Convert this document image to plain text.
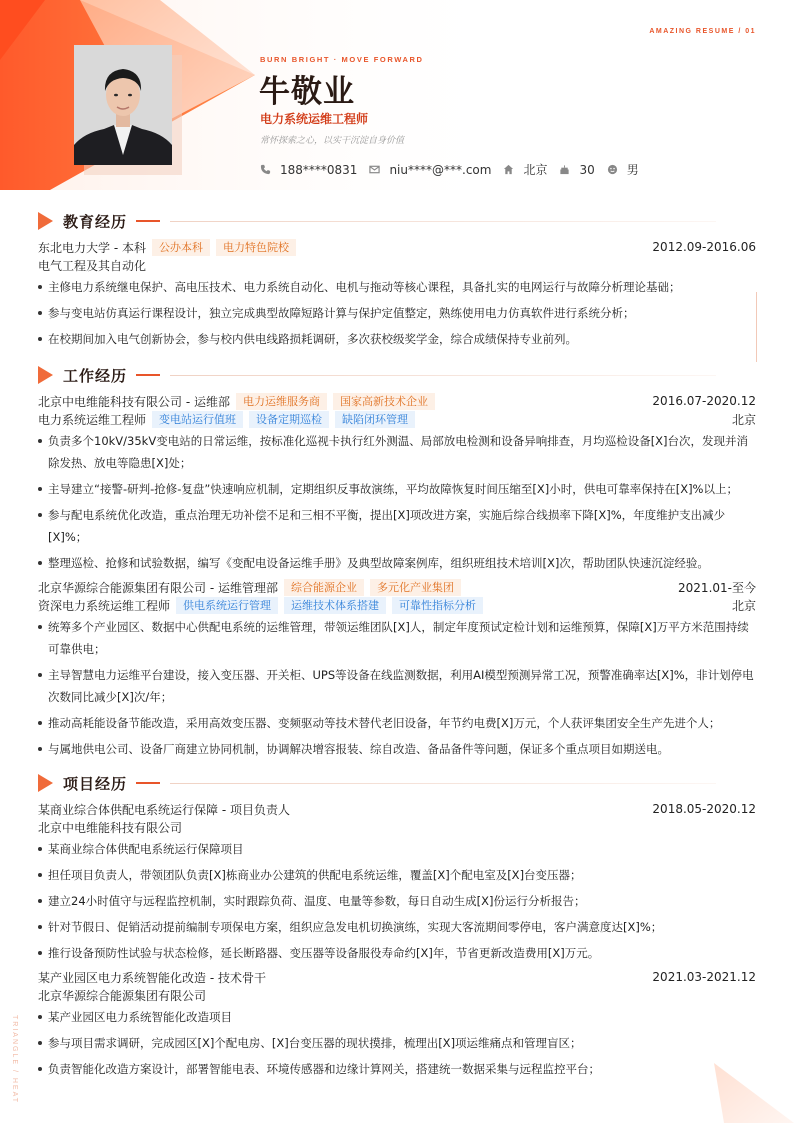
AMAZING RESUME / 01
BURN BRIGHT · MOVE FORWARD
牛敬业
电力系统运维工程师
常怀探索之心，以实干沉淀自身价值
188****0831	niu****@***.com	北京	30	男
教育经历
东北电力大学 - 本科	公办本科	电力特色院校	2012.09-2016.06
电气工程及其自动化
主修电力系统继电保护、高电压技术、电力系统自动化、电机与拖动等核心课程，具备扎实的电网运行与故障分析理论基础；
参与变电站仿真运行课程设计，独立完成典型故障短路计算与保护定值整定，熟练使用电力仿真软件进行系统分析；
在校期间加入电气创新协会，参与校内供电线路损耗调研，多次获校级奖学金，综合成绩保持专业前列。
工作经历
北京中电维能科技有限公司 - 运维部	电力运维服务商	国家高新技术企业	2016.07-2020.12
电力系统运维工程师	变电站运行值班	设备定期巡检	缺陷闭环管理	北京
负责多个10kV/35kV变电站的日常运维，按标准化巡视卡执行红外测温、局部放电检测和设备异响排查，月均巡检设备[X]台次，发现并消除发热、放电等隐患[X]处；
主导建立“接警-研判-抢修-复盘”快速响应机制，定期组织反事故演练，平均故障恢复时间压缩至[X]小时，供电可靠率保持在[X]%以上；
参与配电系统优化改造，重点治理无功补偿不足和三相不平衡，提出[X]项改进方案，实施后综合线损率下降[X]%，年度维护支出减少[X]%；
整理巡检、抢修和试验数据，编写《变配电设备运维手册》及典型故障案例库，组织班组技术培训[X]次，帮助团队快速沉淀经验。
北京华源综合能源集团有限公司 - 运维管理部	综合能源企业	多元化产业集团	2021.01-至今
资深电力系统运维工程师	供电系统运行管理	运维技术体系搭建	可靠性指标分析	北京
统筹多个产业园区、数据中心供配电系统的运维管理，带领运维团队[X]人，制定年度预试定检计划和运维预算，保障[X]万平方米范围持续可靠供电；
主导智慧电力运维平台建设，接入变压器、开关柜、UPS等设备在线监测数据，利用AI模型预测异常工况，预警准确率达[X]%，非计划停电次数同比减少[X]次/年；
推动高耗能设备节能改造，采用高效变压器、变频驱动等技术替代老旧设备，年节约电费[X]万元，个人获评集团安全生产先进个人；
与属地供电公司、设备厂商建立协同机制，协调解决增容报装、综自改造、备品备件等问题，保证多个重点项目如期送电。
项目经历
某商业综合体供配电系统运行保障 - 项目负责人	2018.05-2020.12
北京中电维能科技有限公司
某商业综合体供配电系统运行保障项目
担任项目负责人，带领团队负责[X]栋商业办公建筑的供配电系统运维，覆盖[X]个配电室及[X]台变压器；
建立24小时值守与远程监控机制，实时跟踪负荷、温度、电量等参数，每日自动生成[X]份运行分析报告；
针对节假日、促销活动提前编制专项保电方案，组织应急发电机切换演练，实现大客流期间零停电，客户满意度达[X]%；
推行设备预防性试验与状态检修，延长断路器、变压器等设备服役寿命约[X]年，节省更新改造费用[X]万元。
某产业园区电力系统智能化改造 - 技术骨干	2021.03-2021.12
北京华源综合能源集团有限公司
某产业园区电力系统智能化改造项目
参与项目需求调研，完成园区[X]个配电房、[X]台变压器的现状摸排，梳理出[X]项运维痛点和管理盲区；
负责智能化改造方案设计，部署智能电表、环境传感器和边缘计算网关，搭建统一数据采集与远程监控平台；
TRIANGLE / HEAT
